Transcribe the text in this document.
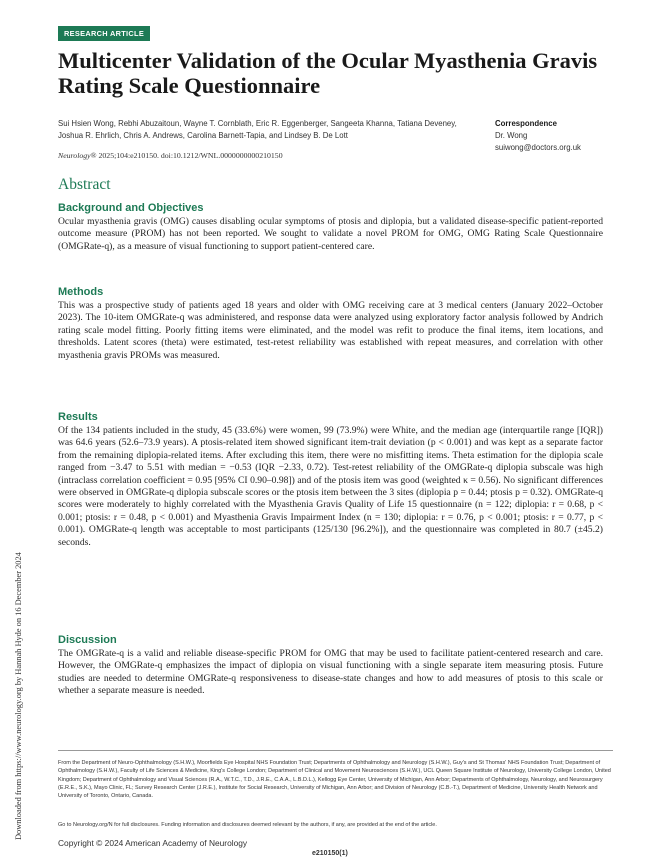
Downloaded from https://www.neurology.org by Hannah Hyde on 16 December 2024
RESEARCH ARTICLE
Multicenter Validation of the Ocular Myasthenia Gravis Rating Scale Questionnaire
Sui Hsien Wong, Rebhi Abuzaitoun, Wayne T. Cornblath, Eric R. Eggenberger, Sangeeta Khanna, Tatiana Deveney, Joshua R. Ehrlich, Chris A. Andrews, Carolina Barnett-Tapia, and Lindsey B. De Lott
Neurology® 2025;104:e210150. doi:10.1212/WNL.0000000000210150
Correspondence
Dr. Wong
suiwong@doctors.org.uk
Abstract
Background and Objectives

Ocular myasthenia gravis (OMG) causes disabling ocular symptoms of ptosis and diplopia, but a validated disease-specific patient-reported outcome measure (PROM) has not been reported. We sought to validate a novel PROM for OMG, OMG Rating Scale Questionnaire (OMGRate-q), as a measure of visual functioning to support patient-centered care.

Methods

This was a prospective study of patients aged 18 years and older with OMG receiving care at 3 medical centers (January 2022–October 2023). The 10-item OMGRate-q was administered, and response data were analyzed using exploratory factor analysis followed by Andrich rating scale model fitting. Poorly fitting items were eliminated, and the model was refit to produce the final items, item locations, and thresholds. Latent scores (theta) were estimated, test-retest reliability was established with repeat measures, and correlation with other myasthenia gravis PROMs was measured.

Results

Of the 134 patients included in the study, 45 (33.6%) were women, 99 (73.9%) were White, and the median age (interquartile range [IQR]) was 64.6 years (52.6–73.9 years). A ptosis-related item showed significant item-trait deviation (p < 0.001) and was kept as a separate factor from the remaining diplopia-related items. After excluding this item, there were no misfitting items. Theta estimation for the diplopia scale ranged from −3.47 to 5.51 with median = −0.53 (IQR −2.33, 0.72). Test-retest reliability of the OMGRate-q diplopia subscale was high (intraclass correlation coefficient = 0.95 [95% CI 0.90–0.98]) and of the ptosis item was good (weighted κ = 0.56). No significant differences were observed in OMGRate-q diplopia subscale scores or the ptosis item between the 3 sites (diplopia p = 0.44; ptosis p = 0.32). OMGRate-q scores were moderately to highly correlated with the Myasthenia Gravis Quality of Life 15 questionnaire (n = 122; diplopia: r = 0.68, p < 0.001; ptosis: r = 0.48, p < 0.001) and Myasthenia Gravis Impairment Index (n = 130; diplopia: r = 0.76, p < 0.001; ptosis: r = 0.77, p < 0.001). OMGRate-q length was acceptable to most participants (125/130 [96.2%]), and the questionnaire was completed in 80.7 (±45.2) seconds.

Discussion

The OMGRate-q is a valid and reliable disease-specific PROM for OMG that may be used to facilitate patient-centered research and care. However, the OMGRate-q emphasizes the impact of diplopia on visual functioning with a single separate item measuring ptosis. Future studies are needed to determine OMGRate-q responsiveness to disease-state changes and how to add measures of ptosis to this scale or whether a separate measure is needed.

From the Department of Neuro-Ophthalmology (S.H.W.), Moorfields Eye Hospital NHS Foundation Trust; Departments of Ophthalmology and Neurology (S.H.W.), Guy's and St Thomas' NHS Foundation Trust; Department of Ophthalmology (S.H.W.), Faculty of Life Sciences & Medicine, King's College London; Department of Clinical and Movement Neurosciences (S.H.W.), UCL Queen Square Institute of Neurology, University College London, United Kingdom; Department of Ophthalmology and Visual Sciences (R.A., W.T.C., T.D., J.R.E., C.A.A., L.B.D.L.), Kellogg Eye Center, University of Michigan, Ann Arbor; Departments of Ophthalmology, Neurology, and Neurosurgery (E.R.E., S.K.), Mayo Clinic, FL; Survey Research Center (J.R.E.), Institute for Social Research, University of Michigan, Ann Arbor; and Division of Neurology (C.B.-T.), Department of Medicine, University Health Network and University of Toronto, Ontario, Canada.

Go to Neurology.org/N for full disclosures. Funding information and disclosures deemed relevant by the authors, if any, are provided at the end of the article.

Copyright © 2024 American Academy of Neurology
e210150(1)
